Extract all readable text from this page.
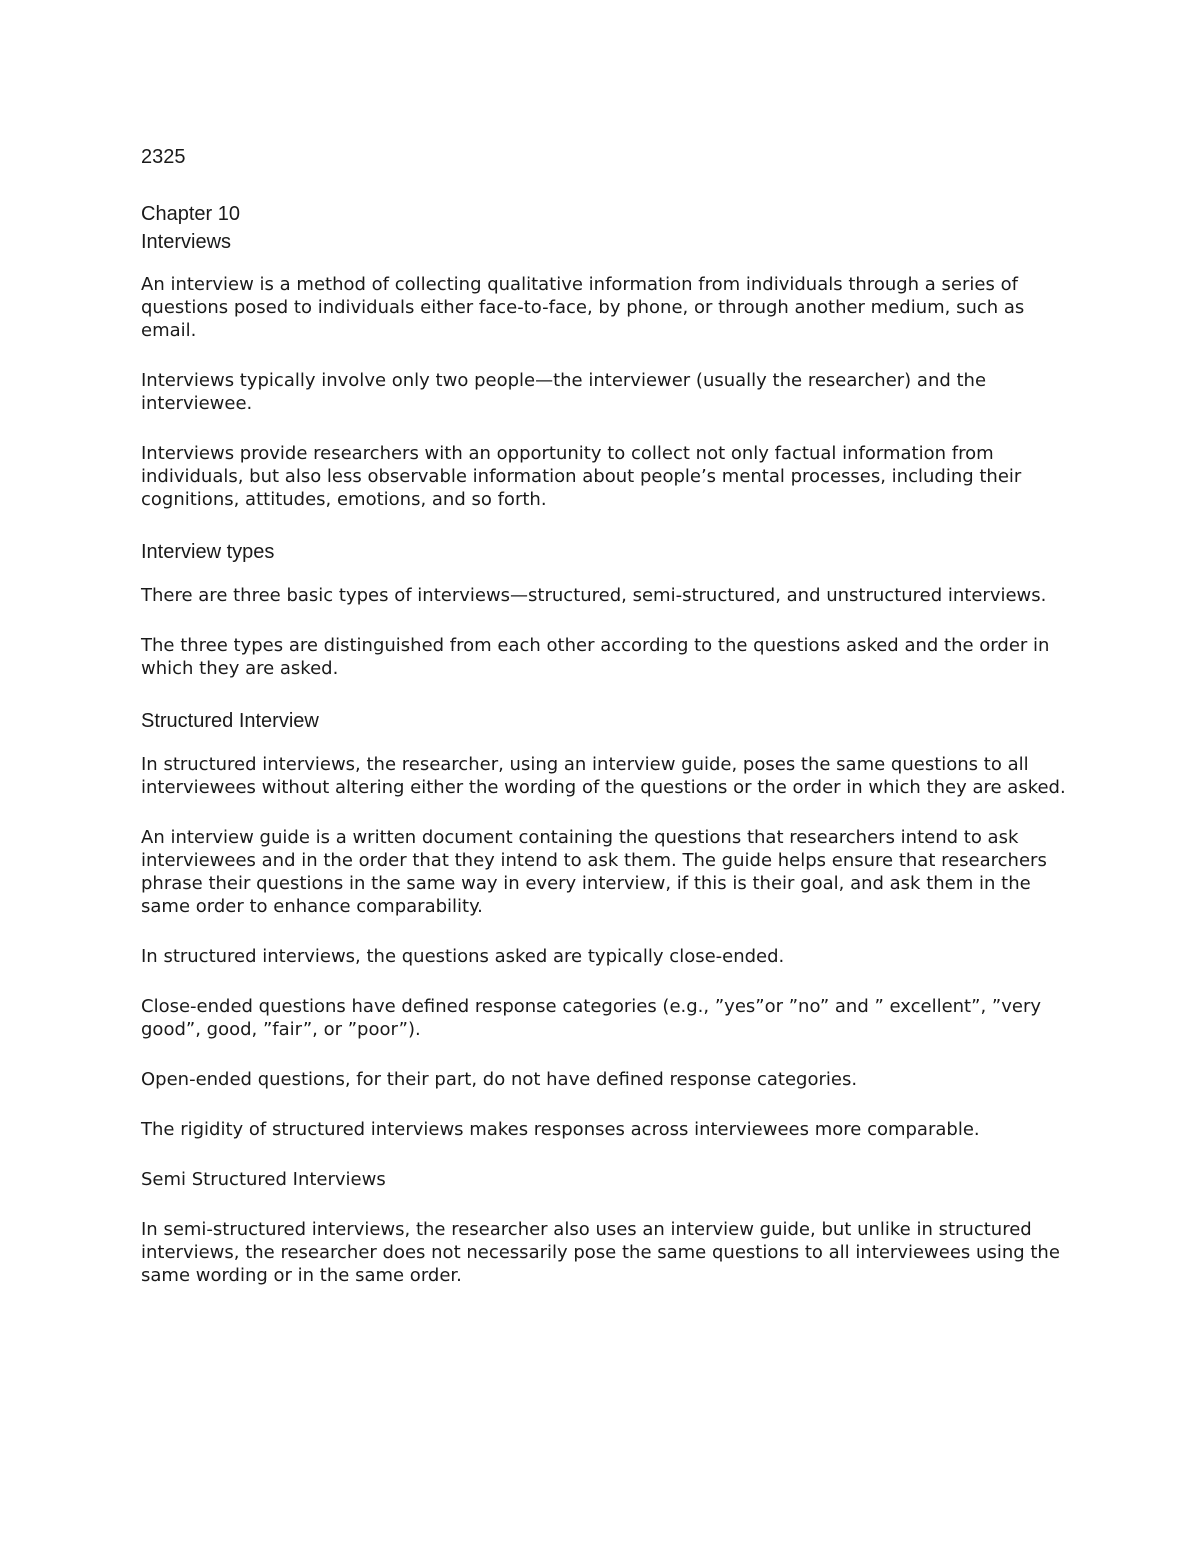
2325

Chapter 10

Interviews

An interview is a method of collecting qualitative information from individuals through a series of questions posed to individuals either face-to-face, by phone, or through another medium, such as email.

Interviews typically involve only two people—the interviewer (usually the researcher) and the interviewee.

Interviews provide researchers with an opportunity to collect not only factual information from individuals, but also less observable information about people’s mental processes, including their cognitions, attitudes, emotions, and so forth.

Interview types

There are three basic types of interviews—structured, semi-structured, and unstructured interviews.

The three types are distinguished from each other according to the questions asked and the order in which they are asked.

Structured Interview

In structured interviews, the researcher, using an interview guide, poses the same questions to all interviewees without altering either the wording of the questions or the order in which they are asked.

An interview guide is a written document containing the questions that researchers intend to ask interviewees and in the order that they intend to ask them. The guide helps ensure that researchers phrase their questions in the same way in every interview, if this is their goal, and ask them in the same order to enhance comparability.

In structured interviews, the questions asked are typically close-ended.

Close-ended questions have defined response categories (e.g., ”yes”or ”no” and ” excellent”, ”very good”, good, ”fair”, or ”poor”).

Open-ended questions, for their part, do not have defined response categories.

The rigidity of structured interviews makes responses across interviewees more comparable.

Semi Structured Interviews

In semi-structured interviews, the researcher also uses an interview guide, but unlike in structured interviews, the researcher does not necessarily pose the same questions to all interviewees using the same wording or in the same order.
